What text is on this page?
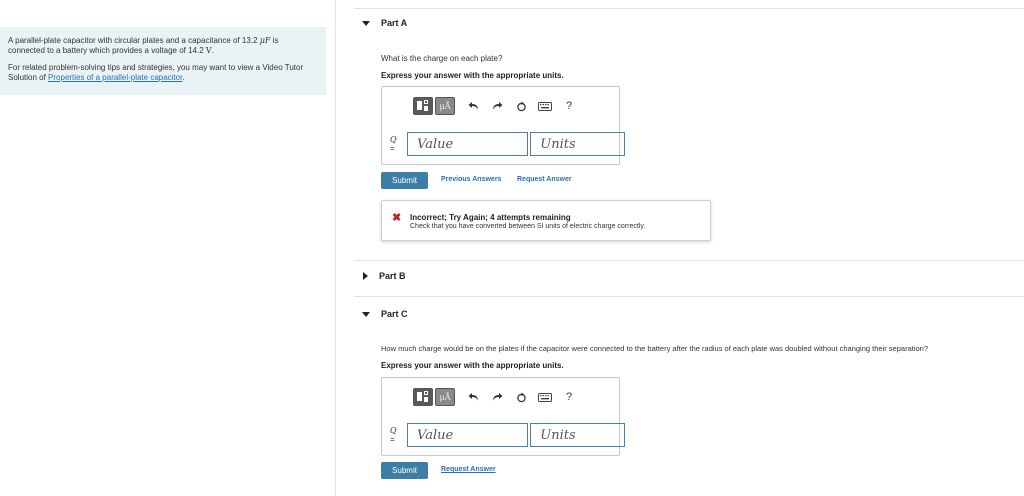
A parallel-plate capacitor with circular plates and a capacitance of 13.2 μF is
connected to a battery which provides a voltage of 14.2 V.

For related problem-solving tips and strategies, you may want to view a Video Tutor Solution of Properties of a parallel-plate capacitor.

Part A
What is the charge on each plate?
Express your answer with the appropriate units.
μÅ	?
Q =	Value	Units
Submit	Previous Answers Request Answer
✖ Incorrect; Try Again; 4 attempts remaining
Check that you have converted between SI units of electric charge correctly.
Part B
Part C
How much charge would be on the plates if the capacitor were connected to the battery after the radius of each plate was doubled without changing their separation?
Express your answer with the appropriate units.
μÅ	?
Q =	Value	Units
Submit	Request Answer
